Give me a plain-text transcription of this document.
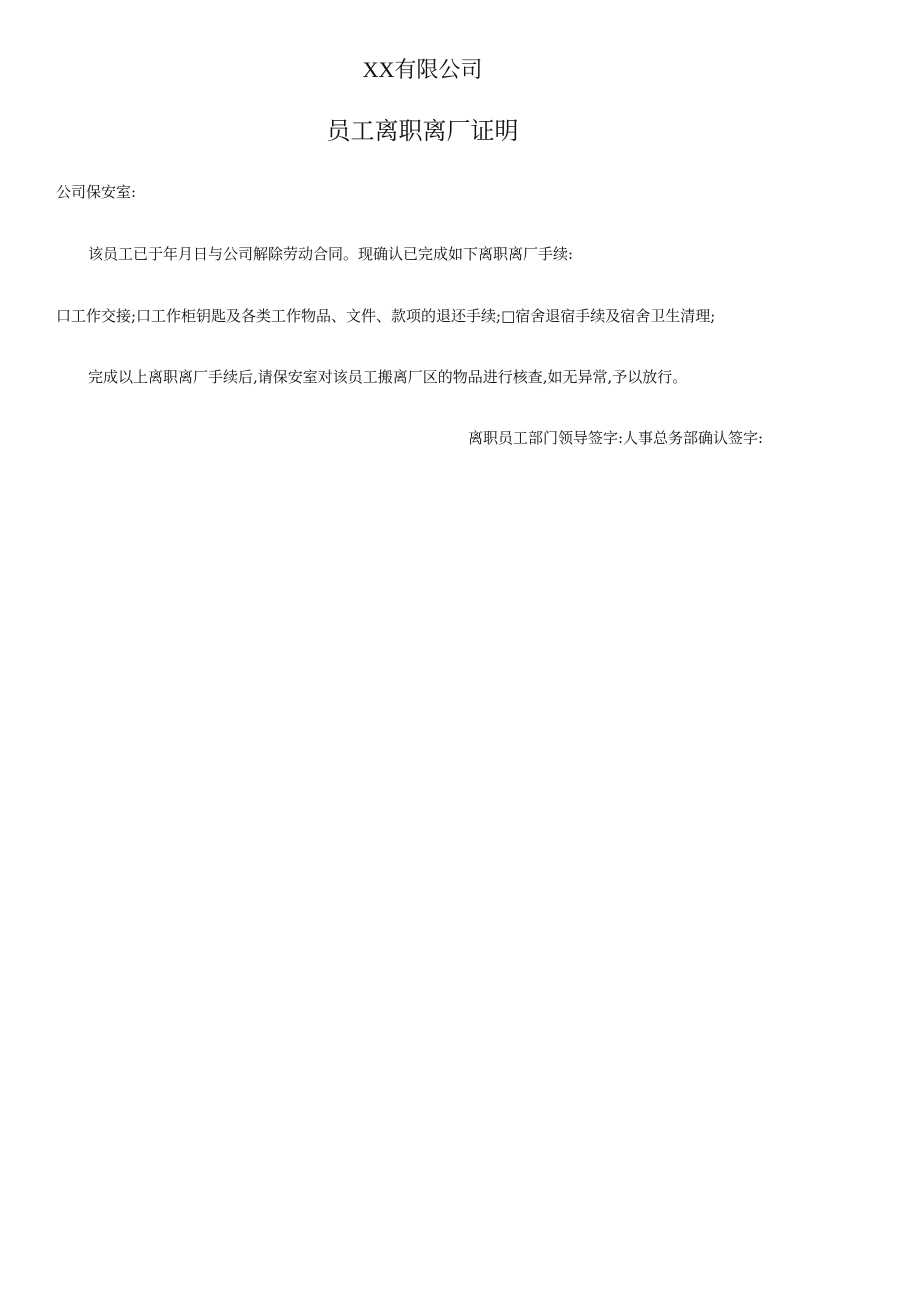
XX有限公司
员工离职离厂证明
公司保安室:
该员工已于年月日与公司解除劳动合同。现确认已完成如下离职离厂手续:
口工作交接;口工作柜钥匙及各类工作物品、文件、款项的退还手续;□宿舍退宿手续及宿舍卫生清理;
完成以上离职离厂手续后,请保安室对该员工搬离厂区的物品进行核查,如无异常,予以放行。
离职员工部门领导签字:人事总务部确认签字:
